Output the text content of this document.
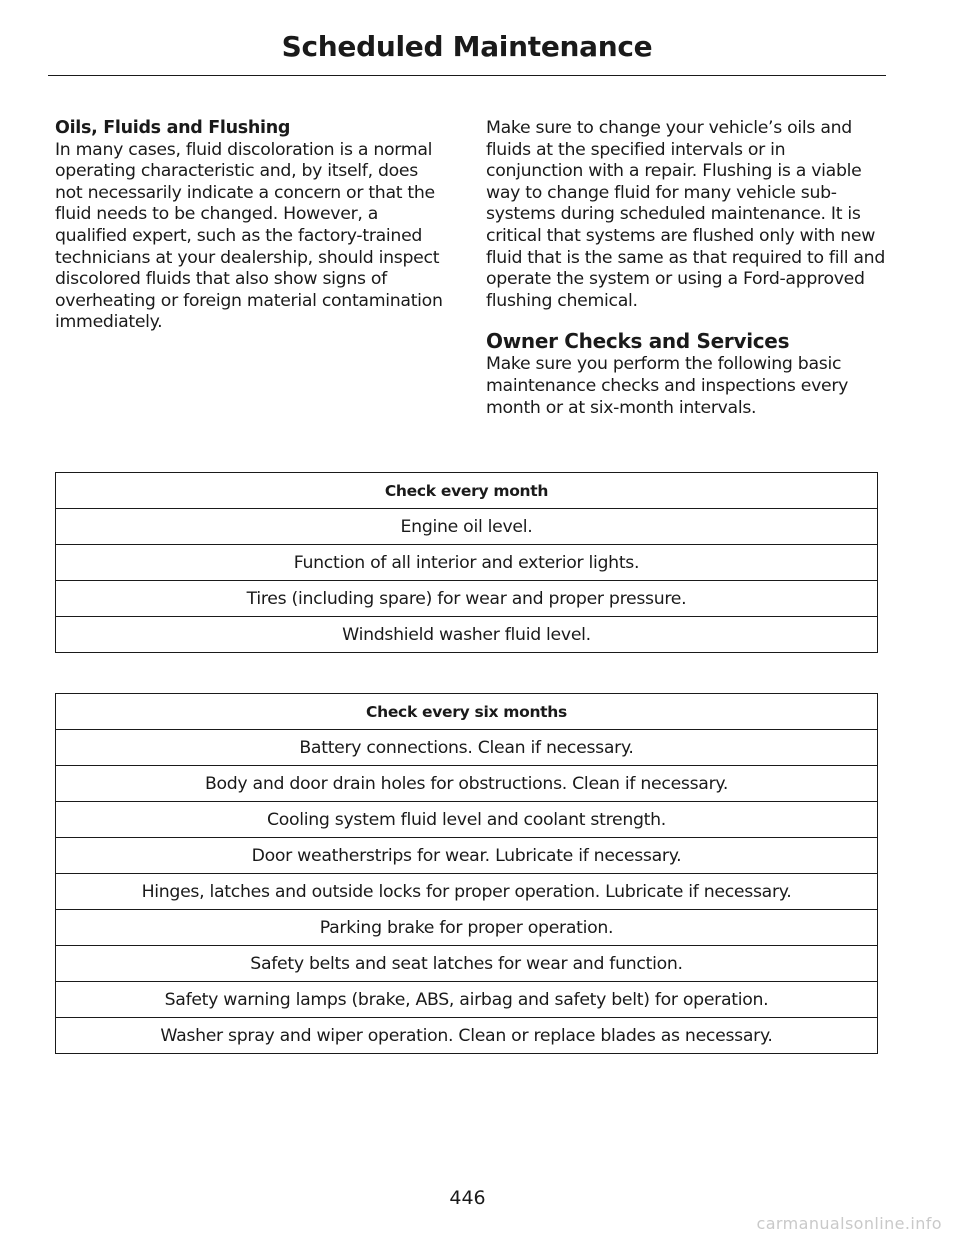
Scheduled Maintenance

Oils, Fluids and Flushing

In many cases, fluid discoloration is a normal operating characteristic and, by itself, does not necessarily indicate a concern or that the fluid needs to be changed. However, a qualified expert, such as the factory-trained technicians at your dealership, should inspect discolored fluids that also show signs of overheating or foreign material contamination immediately.

Make sure to change your vehicle’s oils and fluids at the specified intervals or in conjunction with a repair. Flushing is a viable way to change fluid for many vehicle sub-systems during scheduled maintenance. It is critical that systems are flushed only with new fluid that is the same as that required to fill and operate the system or using a Ford-approved flushing chemical.

Owner Checks and Services

Make sure you perform the following basic maintenance checks and inspections every month or at six-month intervals.

Check every month
Engine oil level.
Function of all interior and exterior lights.
Tires (including spare) for wear and proper pressure.
Windshield washer fluid level.
Check every six months
Battery connections. Clean if necessary.
Body and door drain holes for obstructions. Clean if necessary.
Cooling system fluid level and coolant strength.
Door weatherstrips for wear. Lubricate if necessary.
Hinges, latches and outside locks for proper operation. Lubricate if necessary.
Parking brake for proper operation.
Safety belts and seat latches for wear and function.
Safety warning lamps (brake, ABS, airbag and safety belt) for operation.
Washer spray and wiper operation. Clean or replace blades as necessary.
446
carmanualsonline.info
